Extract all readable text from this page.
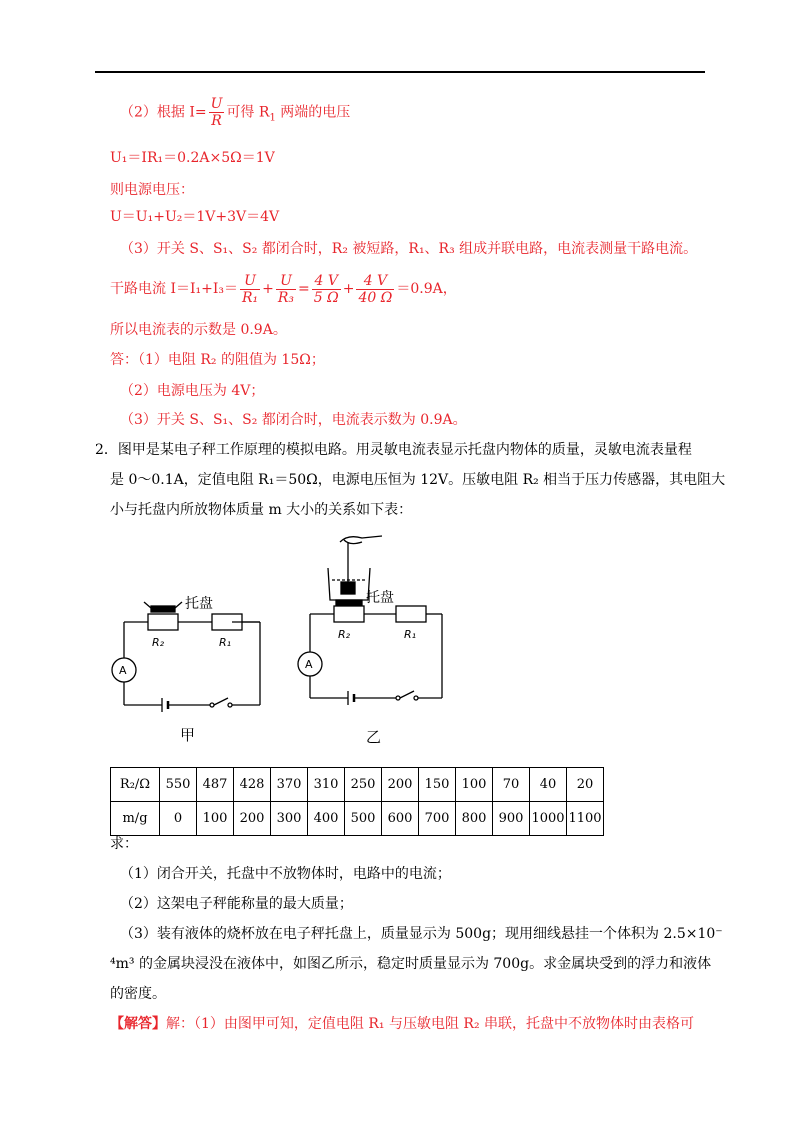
（2）根据 $I= \frac{U}{R}$ 可得 $R_1$ 两端的电压
U₁＝IR₁＝0.2A×5Ω＝1V
则电源电压：
U＝U₁+U₂＝1V+3V＝4V
（3）开关 S、S₁、S₂ 都闭合时，R₂ 被短路，R₁、R₃ 组成并联电路，电流表测量干路电流。
干路电流 $I=I_1+I_3= \frac{U}{\text{R₁}} + \frac{U}{\text{R₃}} = \frac{4 V}{5 \Omega} + \frac{4 V}{40 \Omega} =0.9A$，
所以电流表的示数是 0.9A。
答：（1）电阻 R₂ 的阻值为 15Ω；
（2）电源电压为 4V；
（3）开关 S、S₁、S₂ 都闭合时，电流表示数为 0.9A。
2．图甲是某电子秤工作原理的模拟电路。用灵敏电流表显示托盘内物体的质量，灵敏电流表量程
是 0～0.1A，定值电阻 R₁＝50Ω，电源电压恒为 12V。压敏电阻 R₂ 相当于压力传感器，其电阻大
小与托盘内所放物体质量 m 大小的关系如下表：
托盘
R₂	R₁
A
甲
托盘
R₂	R₁
A
乙
R₂/Ω	550	487	428	370	310	250	200	150	100	70	40	20
m/g	0	100	200	300	400	500	600	700	800	900	1000	1100
求：
（1）闭合开关，托盘中不放物体时，电路中的电流；
（2）这架电子秤能称量的最大质量；
（3）装有液体的烧杯放在电子秤托盘上，质量显示为 500g；现用细线悬挂一个体积为 2.5×10⁻
⁴m³ 的金属块浸没在液体中，如图乙所示，稳定时质量显示为 700g。求金属块受到的浮力和液体
的密度。
【解答】解：（1）由图甲可知，定值电阻 R₁ 与压敏电阻 R₂ 串联，托盘中不放物体时由表格可
